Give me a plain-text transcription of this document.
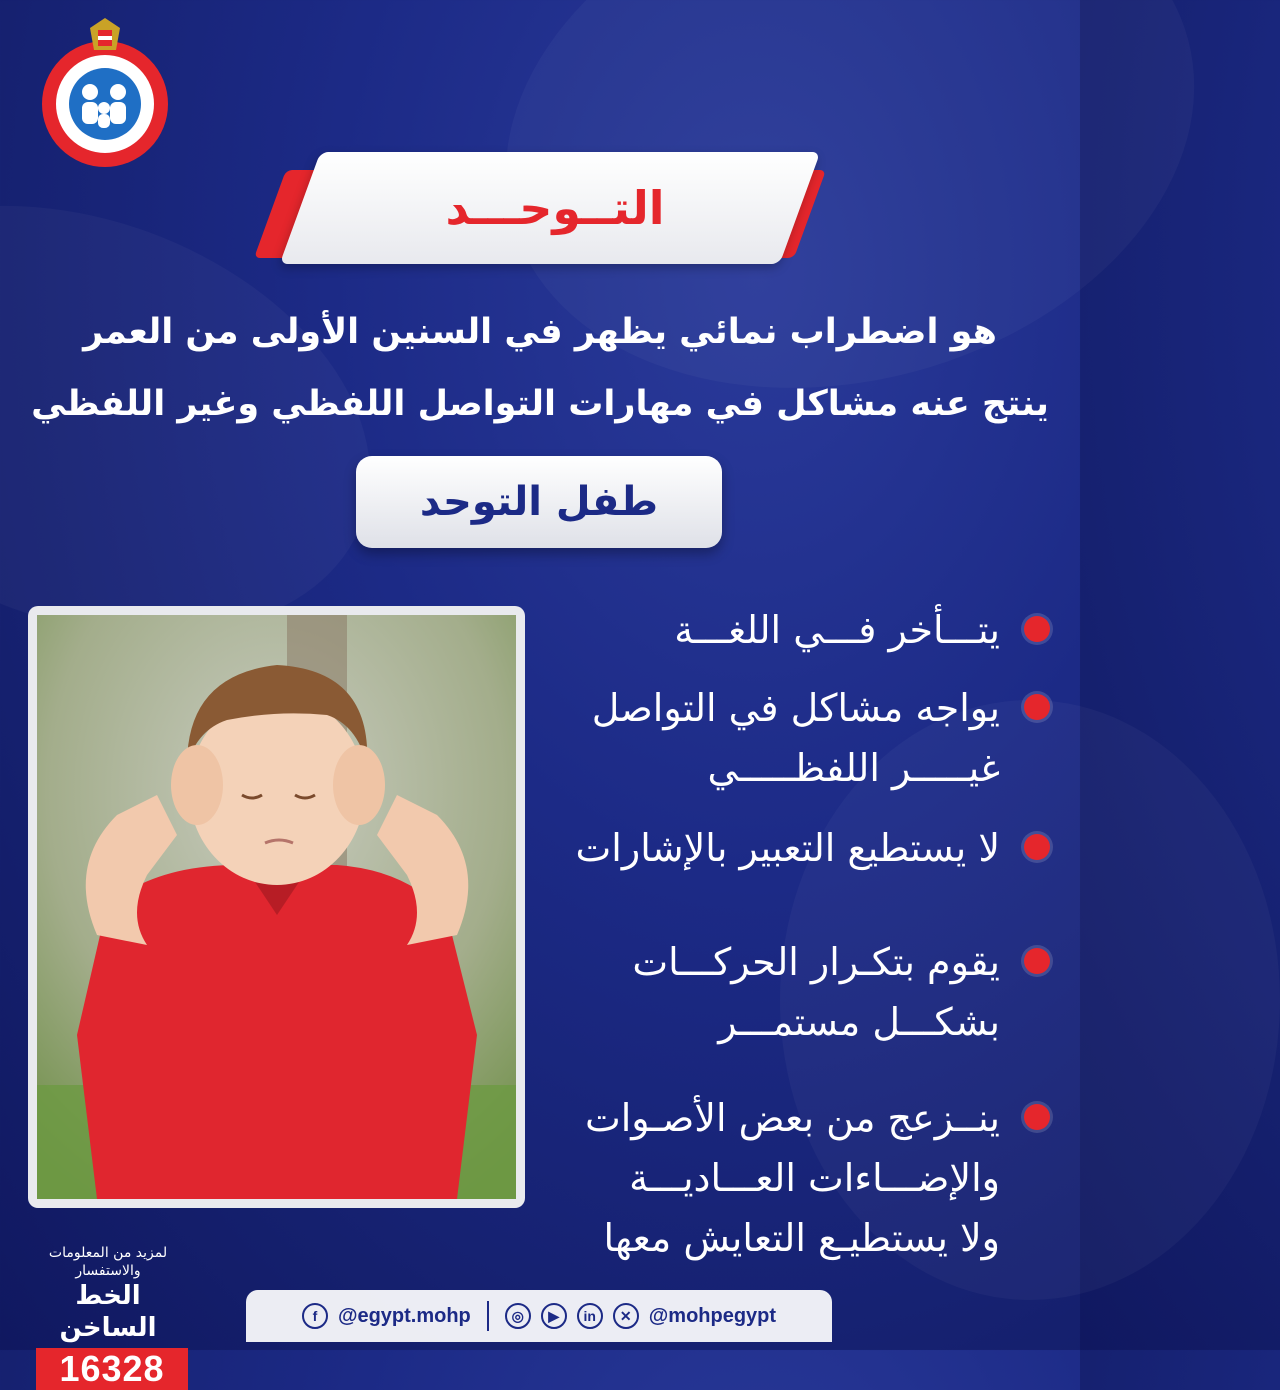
التــوحـــد
هو اضطراب نمائي يظهر في السنين الأولى من العمر
ينتج عنه مشاكل في مهارات التواصل اللفظي وغير اللفظي
طفل التوحد
يتـــأخر فـــي اللغـــة
يواجه مشاكل في التواصل
غيـــــر اللفظـــــي
لا يستطيع التعبير بالإشارات
يقوم بتكـرار الحركـــات
بشكـــل مستمـــر
ينــزعج من بعض الأصـوات
والإضـــاءات العـــاديـــة
ولا يستطيـع التعايش معها
لمزيد من المعلومات والاستفسار
الخط الساخن
16328
f	@egypt.mohp	◎	▶	in	✕ @mohpegypt
